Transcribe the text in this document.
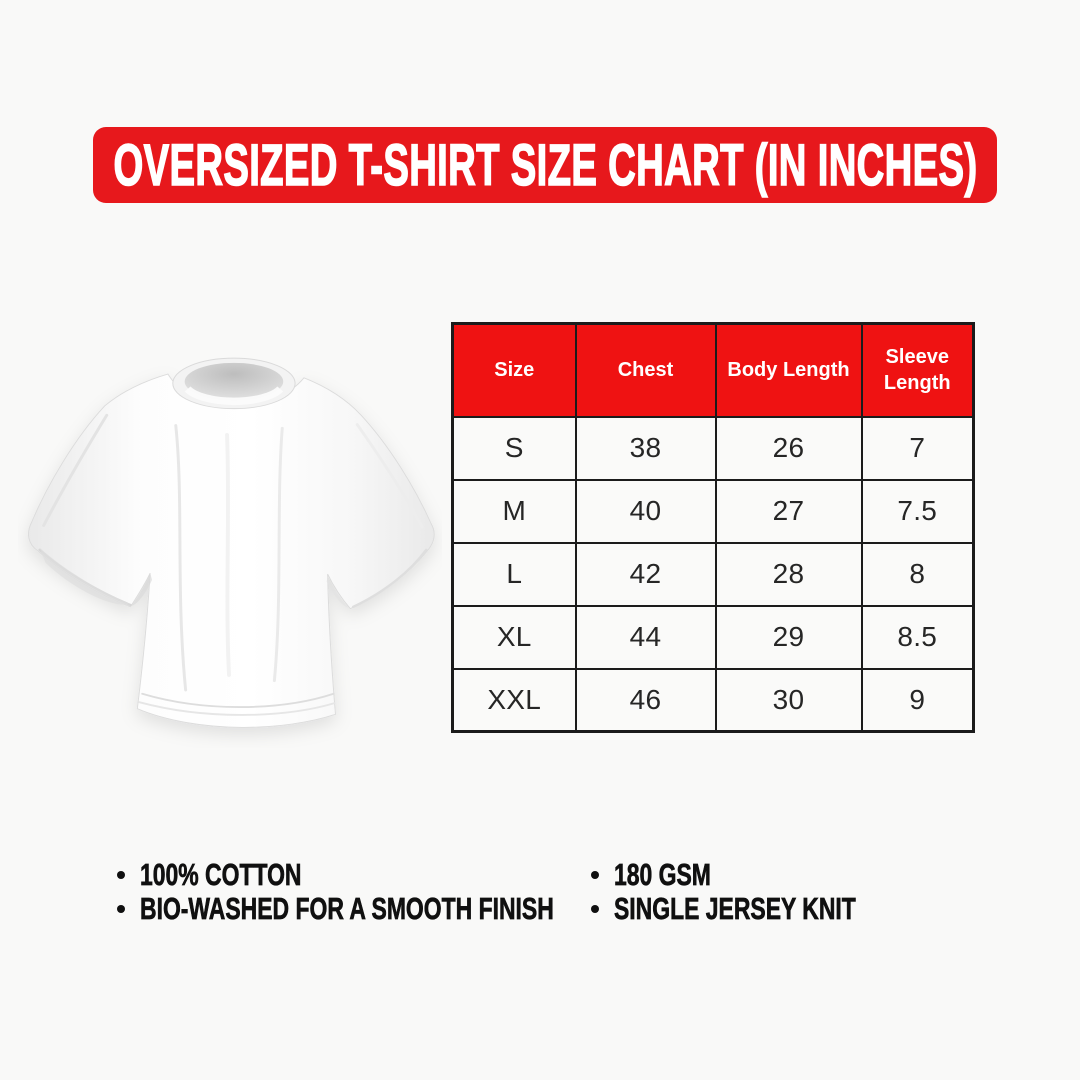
OVERSIZED T-SHIRT SIZE CHART (IN INCHES)
Size	Chest	Body Length	Sleeve Length
S	38	26	7
M	40	27	7.5
L	42	28	8
XL	44	29	8.5
XXL	46	30	9
100% COTTON
BIO-WASHED FOR A SMOOTH FINISH
180 GSM
SINGLE JERSEY KNIT
